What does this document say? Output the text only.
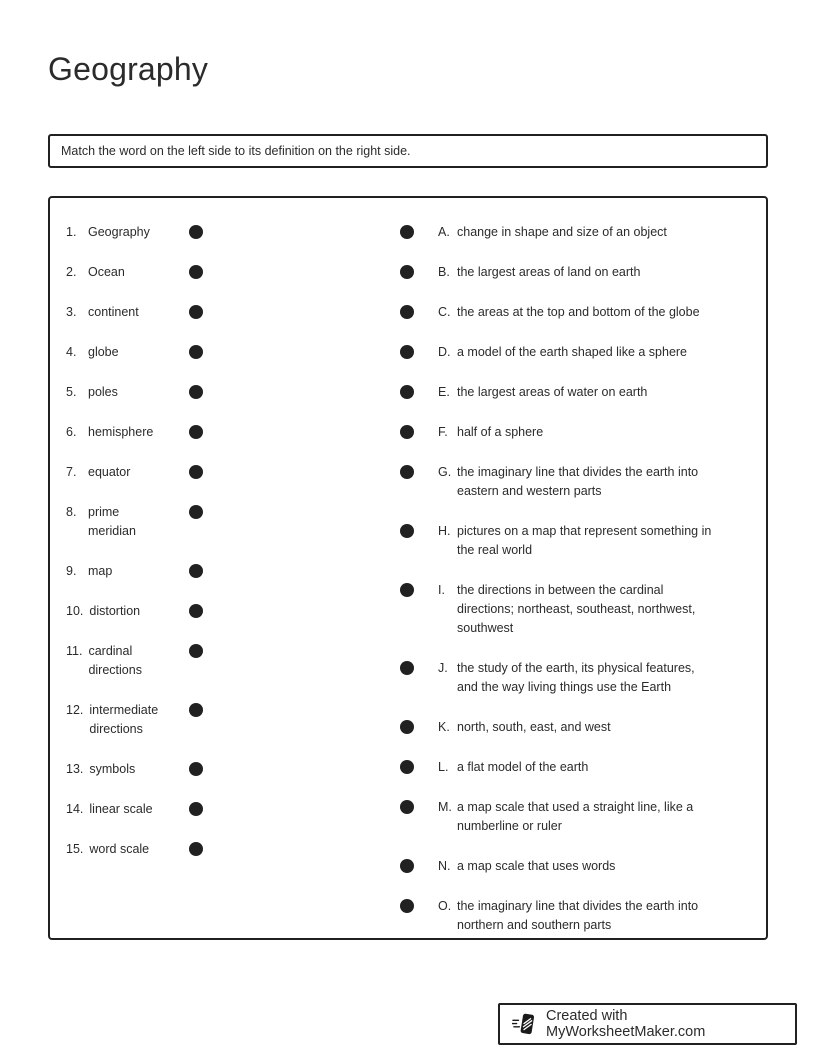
Geography
Match the word on the left side to its definition on the right side.
1. Geography
2. Ocean
3. continent
4. globe
5. poles
6. hemisphere
7. equator
8. prime meridian
9. map
10. distortion
11. cardinal directions
12. intermediate directions
13. symbols
14. linear scale
15. word scale
A. change in shape and size of an object
B. the largest areas of land on earth
C. the areas at the top and bottom of the globe
D. a model of the earth shaped like a sphere
E. the largest areas of water on earth
F. half of a sphere
G. the imaginary line that divides the earth into eastern and western parts
H. pictures on a map that represent something in the real world
I. the directions in between the cardinal directions; northeast, southeast, northwest, southwest
J. the study of the earth, its physical features, and the way living things use the Earth
K. north, south, east, and west
L. a flat model of the earth
M. a map scale that used a straight line, like a numberline or ruler
N. a map scale that uses words
O. the imaginary line that divides the earth into northern and southern parts
Created with MyWorksheetMaker.com
